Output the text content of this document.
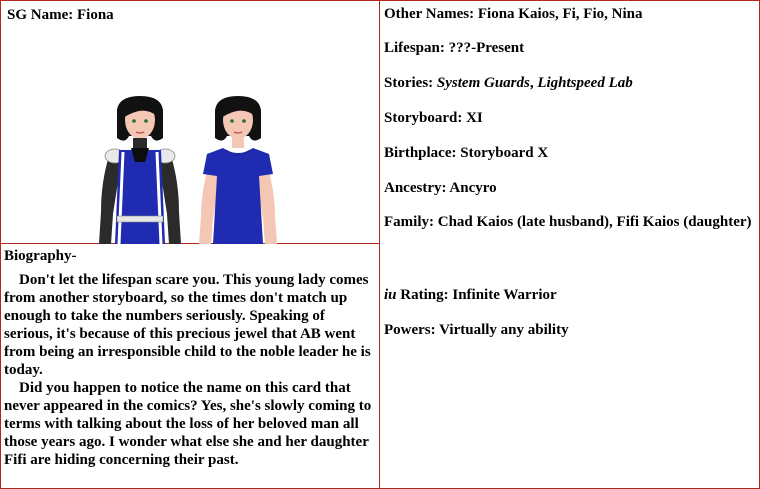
SG Name: Fiona
Biography-

Don't let the lifespan scare you. This young lady comes from another storyboard, so the times don't match up enough to take the numbers seriously. Speaking of serious, it's because of this precious jewel that AB went from being an irresponsible child to the noble leader he is today.

Did you happen to notice the name on this card that never appeared in the comics? Yes, she's slowly coming to terms with talking about the loss of her beloved man all those years ago. I wonder what else she and her daughter Fifi are hiding concerning their past.

Other Names: Fiona Kaios, Fi, Fio, Nina
Lifespan: ???-Present
Stories: System Guards, Lightspeed Lab
Storyboard: XI
Birthplace: Storyboard X
Ancestry: Ancyro
Family: Chad Kaios (late husband), Fifi Kaios (daughter)
iu Rating: Infinite Warrior
Powers: Virtually any ability
